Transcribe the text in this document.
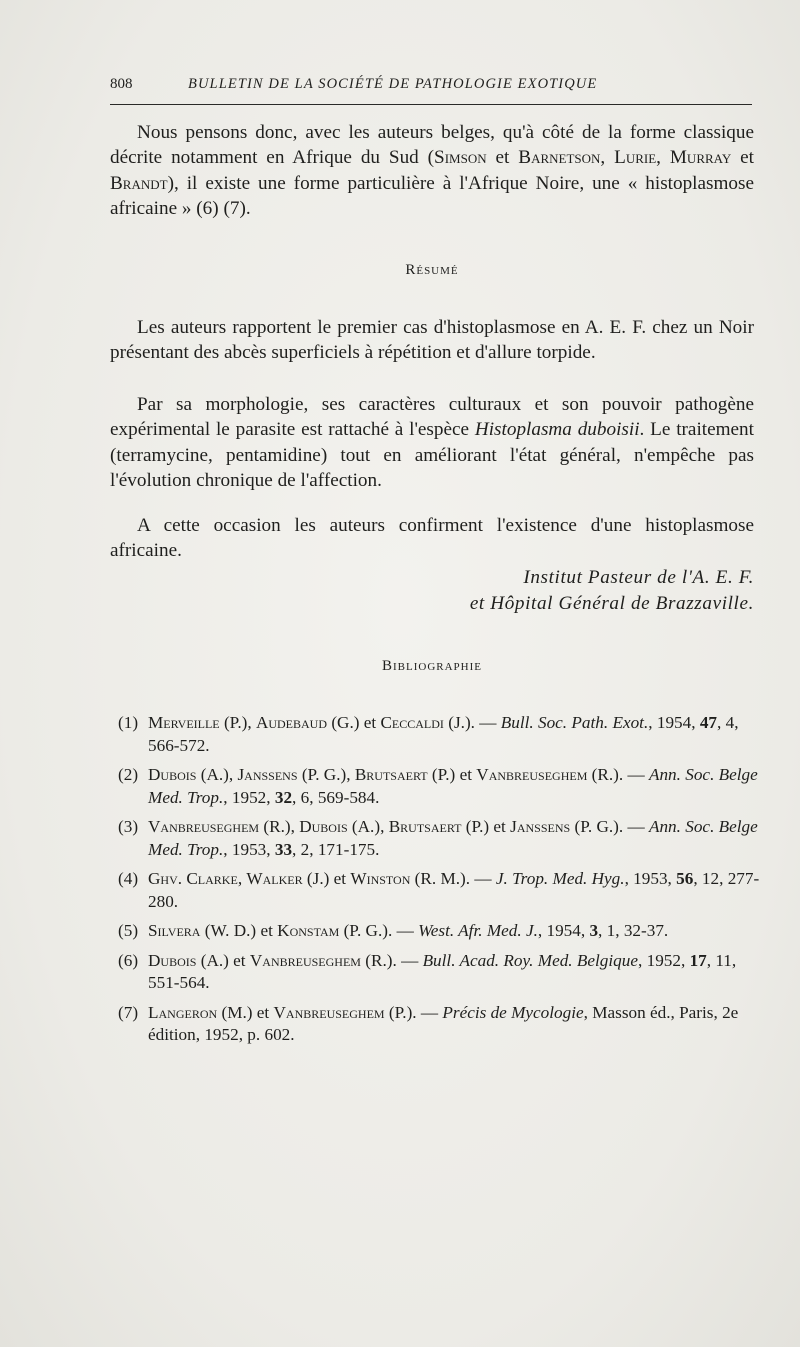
808	BULLETIN DE LA SOCIÉTÉ DE PATHOLOGIE EXOTIQUE

Nous pensons donc, avec les auteurs belges, qu'à côté de la forme classique décrite notamment en Afrique du Sud (Simson et Barnetson, Lurie, Murray et Brandt), il existe une forme particulière à l'Afrique Noire, une « histoplasmose africaine » (6) (7).

Résumé

Les auteurs rapportent le premier cas d'histoplasmose en A. E. F. chez un Noir présentant des abcès superficiels à répétition et d'allure torpide.

Par sa morphologie, ses caractères culturaux et son pouvoir pathogène expérimental le parasite est rattaché à l'espèce Histoplasma duboisii. Le traitement (terramycine, pentamidine) tout en améliorant l'état général, n'empêche pas l'évolution chronique de l'affection.

A cette occasion les auteurs confirment l'existence d'une histoplasmose africaine.

Institut Pasteur de l'A. E. F.
et Hôpital Général de Brazzaville.
Bibliographie
(1) Merveille (P.), Audebaud (G.) et Ceccaldi (J.). — Bull. Soc. Path. Exot., 1954, 47, 4, 566-572.
(2) Dubois (A.), Janssens (P. G.), Brutsaert (P.) et Vanbreuseghem (R.). — Ann. Soc. Belge Med. Trop., 1952, 32, 6, 569-584.
(3) Vanbreuseghem (R.), Dubois (A.), Brutsaert (P.) et Janssens (P. G.). — Ann. Soc. Belge Med. Trop., 1953, 33, 2, 171-175.
(4) Ghv. Clarke, Walker (J.) et Winston (R. M.). — J. Trop. Med. Hyg., 1953, 56, 12, 277-280.
(5) Silvera (W. D.) et Konstam (P. G.). — West. Afr. Med. J., 1954, 3, 1, 32-37.
(6) Dubois (A.) et Vanbreuseghem (R.). — Bull. Acad. Roy. Med. Belgique, 1952, 17, 11, 551-564.
(7) Langeron (M.) et Vanbreuseghem (P.). — Précis de Mycologie, Masson éd., Paris, 2e édition, 1952, p. 602.
